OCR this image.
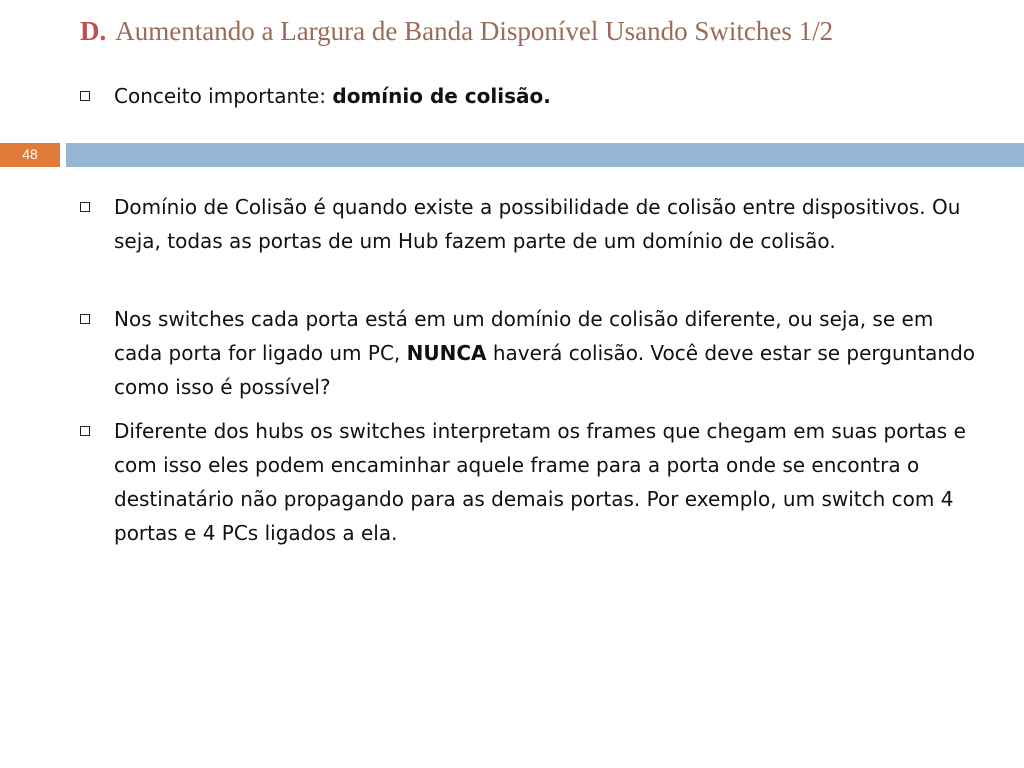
D. Aumentando a Largura de Banda Disponível Usando Switches 1/2
Conceito importante: domínio de colisão.
48
Domínio de Colisão é quando existe a possibilidade de colisão entre dispositivos. Ou seja, todas as portas de um Hub fazem parte de um domínio de colisão.
Nos switches cada porta está em um domínio de colisão diferente, ou seja, se em cada porta for ligado um PC, NUNCA haverá colisão. Você deve estar se perguntando como isso é possível?
Diferente dos hubs os switches interpretam os frames que chegam em suas portas e com isso eles podem encaminhar aquele frame para a porta onde se encontra o destinatário não propagando para as demais portas. Por exemplo, um switch com 4 portas e 4 PCs ligados a ela.
